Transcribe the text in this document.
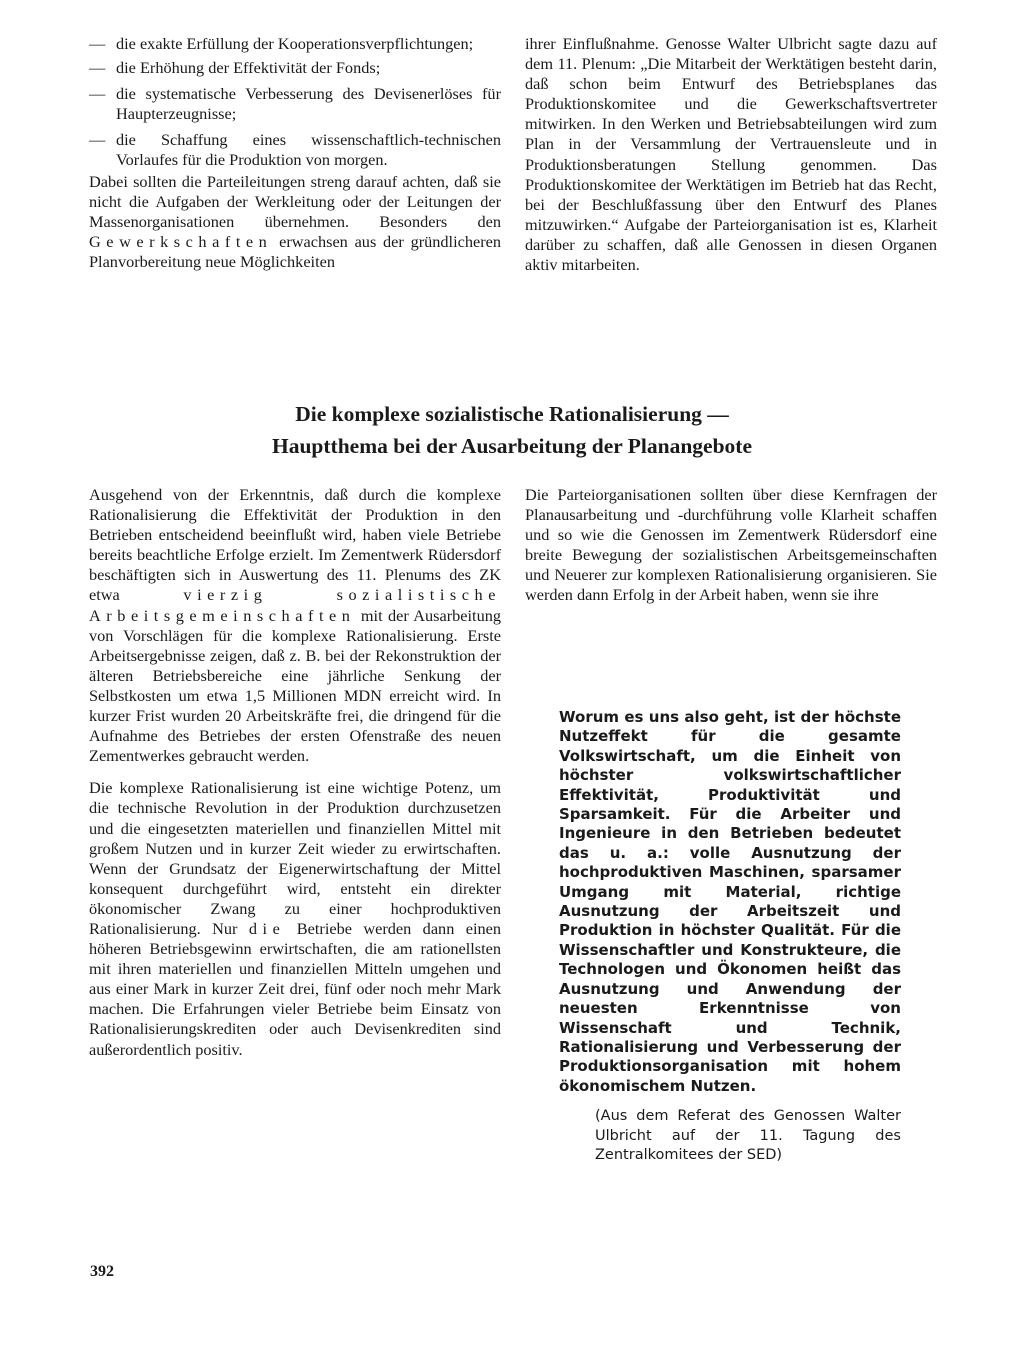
— die exakte Erfüllung der Kooperationsverpflichtungen;
— die Erhöhung der Effektivität der Fonds;
— die systematische Verbesserung des Devisenerlöses für Haupterzeugnisse;
— die Schaffung eines wissenschaftlich-technischen Vorlaufes für die Produktion von morgen.

Dabei sollten die Parteileitungen streng darauf achten, daß sie nicht die Aufgaben der Werkleitung oder der Leitungen der Massenorganisationen übernehmen. Besonders den Gewerkschaften erwachsen aus der gründlicheren Planvorbereitung neue Möglichkeiten

ihrer Einflußnahme. Genosse Walter Ulbricht sagte dazu auf dem 11. Plenum: „Die Mitarbeit der Werktätigen besteht darin, daß schon beim Entwurf des Betriebsplanes das Produktionskomitee und die Gewerkschaftsvertreter mitwirken. In den Werken und Betriebsabteilungen wird zum Plan in der Versammlung der Vertrauensleute und in Produktionsberatungen Stellung genommen. Das Produktionskomitee der Werktätigen im Betrieb hat das Recht, bei der Beschlußfassung über den Entwurf des Planes mitzuwirken.“ Aufgabe der Parteiorganisation ist es, Klarheit darüber zu schaffen, daß alle Genossen in diesen Organen aktiv mitarbeiten.

Die komplexe sozialistische Rationalisierung —
Hauptthema bei der Ausarbeitung der Planangebote

Ausgehend von der Erkenntnis, daß durch die komplexe Rationalisierung die Effektivität der Produktion in den Betrieben entscheidend beeinflußt wird, haben viele Betriebe bereits beachtliche Erfolge erzielt. Im Zementwerk Rüdersdorf beschäftigten sich in Auswertung des 11. Plenums des ZK etwa	vierzig sozialistische Arbeitsgemeinschaften mit der Ausarbeitung von Vorschlägen für die komplexe Rationalisierung. Erste Arbeitsergebnisse zeigen, daß z. B. bei der Rekonstruktion der älteren Betriebsbereiche eine jährliche Senkung der Selbstkosten um etwa 1,5 Millionen MDN erreicht wird. In kurzer Frist wurden 20 Arbeitskräfte frei, die dringend für die Aufnahme des Betriebes der ersten Ofenstraße des neuen Zementwerkes gebraucht werden.

Die komplexe Rationalisierung ist eine wichtige Potenz, um die technische Revolution in der Produktion durchzusetzen und die eingesetzten materiellen und finanziellen Mittel mit großem Nutzen und in kurzer Zeit wieder zu erwirtschaften. Wenn der Grundsatz der Eigenerwirtschaftung der Mittel konsequent durchgeführt wird, entsteht ein direkter ökonomischer Zwang zu einer hochproduktiven Rationalisierung. Nur die Betriebe werden dann einen höheren Betriebsgewinn erwirtschaften, die am rationellsten mit ihren materiellen und finanziellen Mitteln umgehen und aus einer Mark in kurzer Zeit drei, fünf oder noch mehr Mark machen. Die Erfahrungen vieler Betriebe beim Einsatz von Rationalisierungskrediten oder auch Devisenkrediten sind außerordentlich positiv.

Die Parteiorganisationen sollten über diese Kernfragen der Planausarbeitung und -durchführung volle Klarheit schaffen und so wie die Genossen im Zementwerk Rüdersdorf eine breite Bewegung der sozialistischen Arbeitsgemeinschaften und Neuerer zur komplexen Rationalisierung organisieren. Sie werden dann Erfolg in der Arbeit haben, wenn sie ihre

Worum es uns also geht, ist der höchste Nutzeffekt für die gesamte Volkswirtschaft, um die Einheit von höchster volkswirtschaftlicher Effektivität, Produktivität und Sparsamkeit. Für die Arbeiter und Ingenieure in den Betrieben bedeutet das u. a.: volle Ausnutzung der hochproduktiven Maschinen, sparsamer Umgang mit Material, richtige Ausnutzung der Arbeitszeit und Produktion in höchster Qualität. Für die Wissenschaftler und Konstrukteure, die Technologen und Ökonomen heißt das Ausnutzung und Anwendung der neuesten Erkenntnisse von Wissenschaft und Technik, Rationalisierung und Verbesserung der Produktionsorganisation mit hohem ökonomischem Nutzen.

(Aus dem Referat des Genossen Walter Ulbricht auf der 11. Tagung des Zentralkomitees der SED)
392
